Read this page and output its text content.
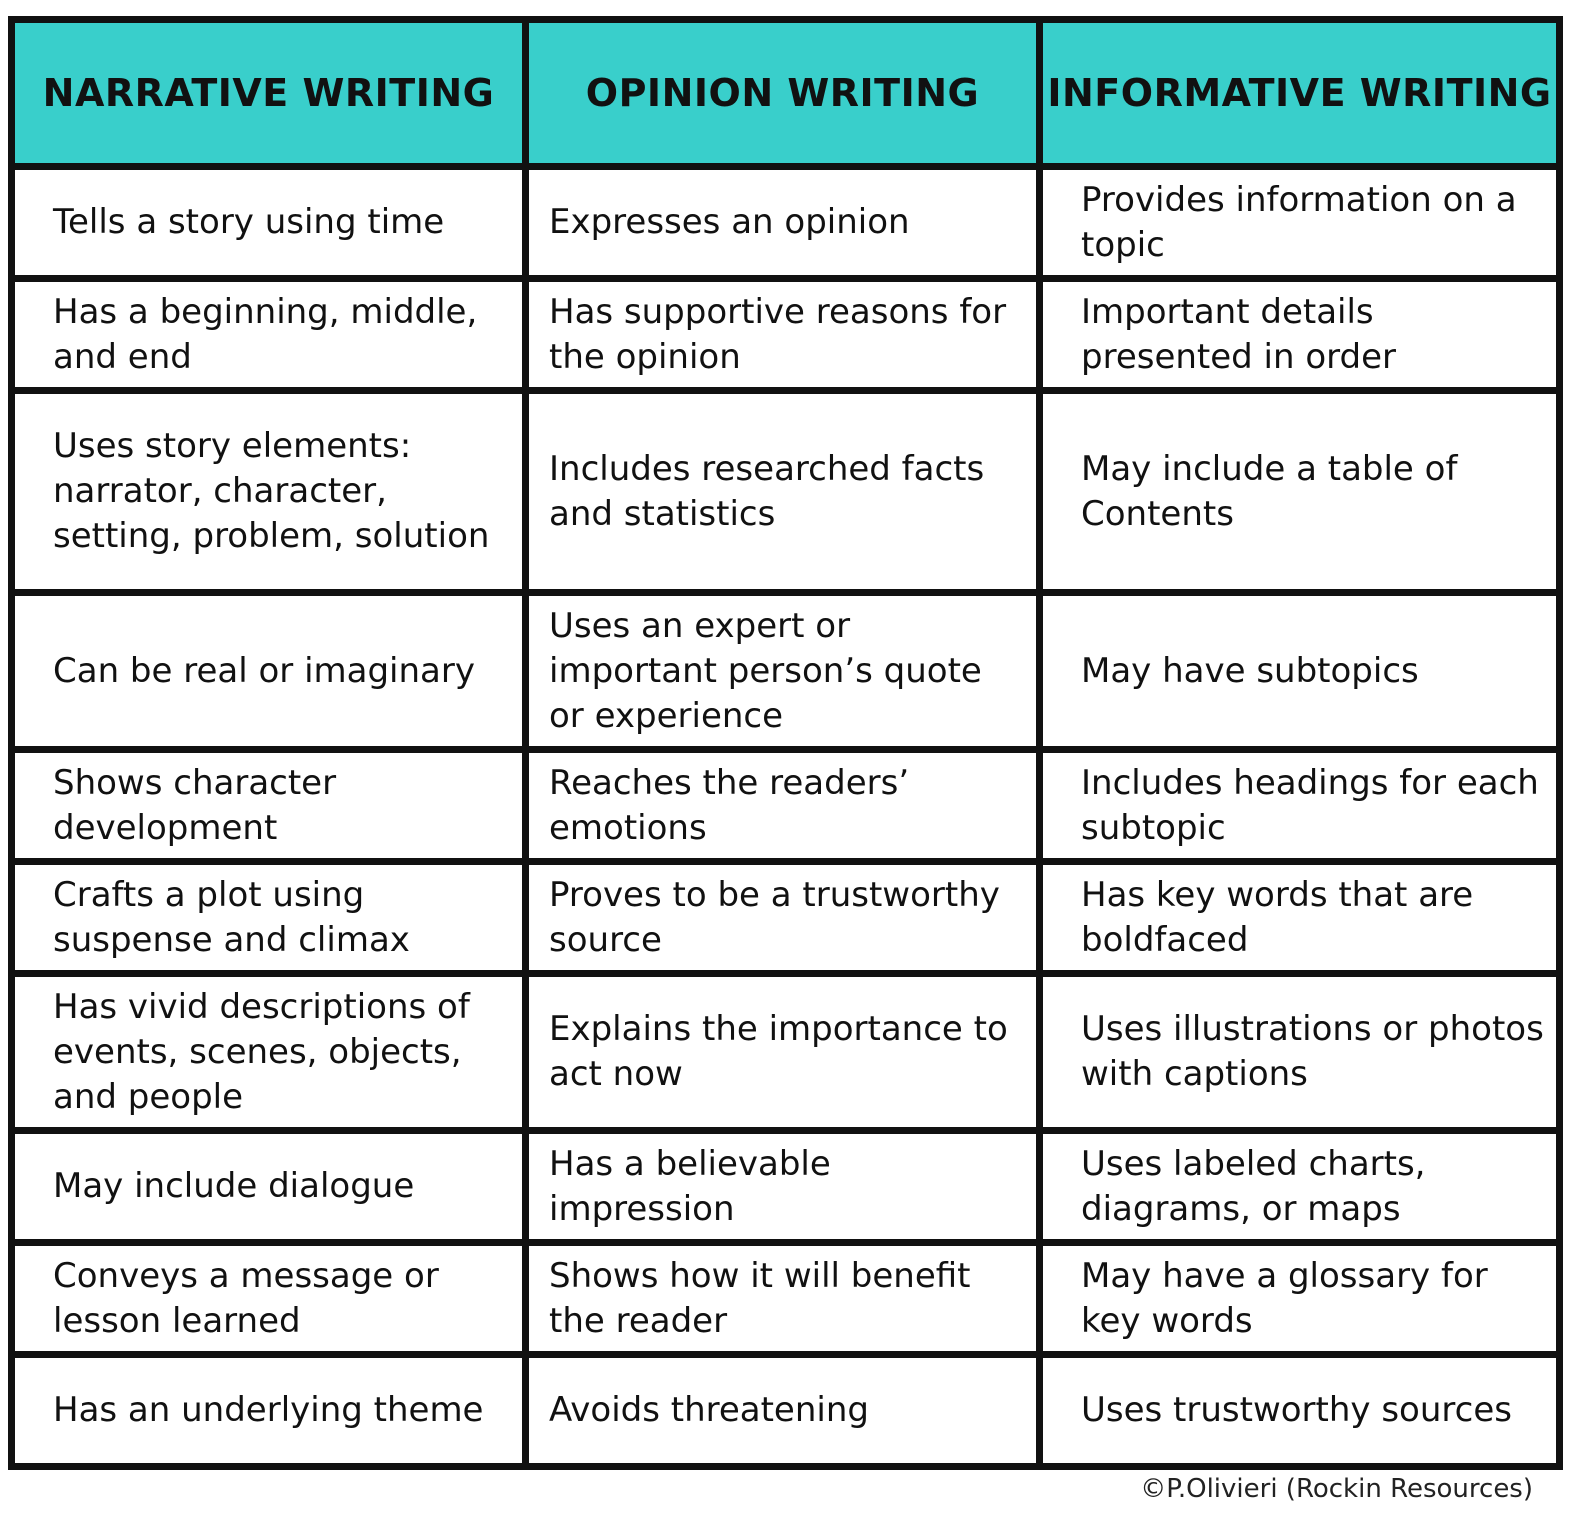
NARRATIVE WRITING	OPINION WRITING	INFORMATIVE WRITING
Tells a story using time	Expresses an opinion	Provides information on a topic
Has a beginning, middle, and end	Has supportive reasons for the opinion	Important details presented in order
Uses story elements: narrator, character, setting, problem, solution	Includes researched facts and statistics	May include a table of Contents
Can be real or imaginary	Uses an expert or important person’s quote or experience	May have subtopics
Shows character development	Reaches the readers’ emotions	Includes headings for each subtopic
Crafts a plot using suspense and climax	Proves to be a trustworthy source	Has key words that are boldfaced
Has vivid descriptions of events, scenes, objects, and people	Explains the importance to act now	Uses illustrations or photos with captions
May include dialogue	Has a believable impression	Uses labeled charts, diagrams, or maps
Conveys a message or lesson learned	Shows how it will benefit the reader	May have a glossary for key words
Has an underlying theme	Avoids threatening	Uses trustworthy sources
©P.Olivieri (Rockin Resources)
